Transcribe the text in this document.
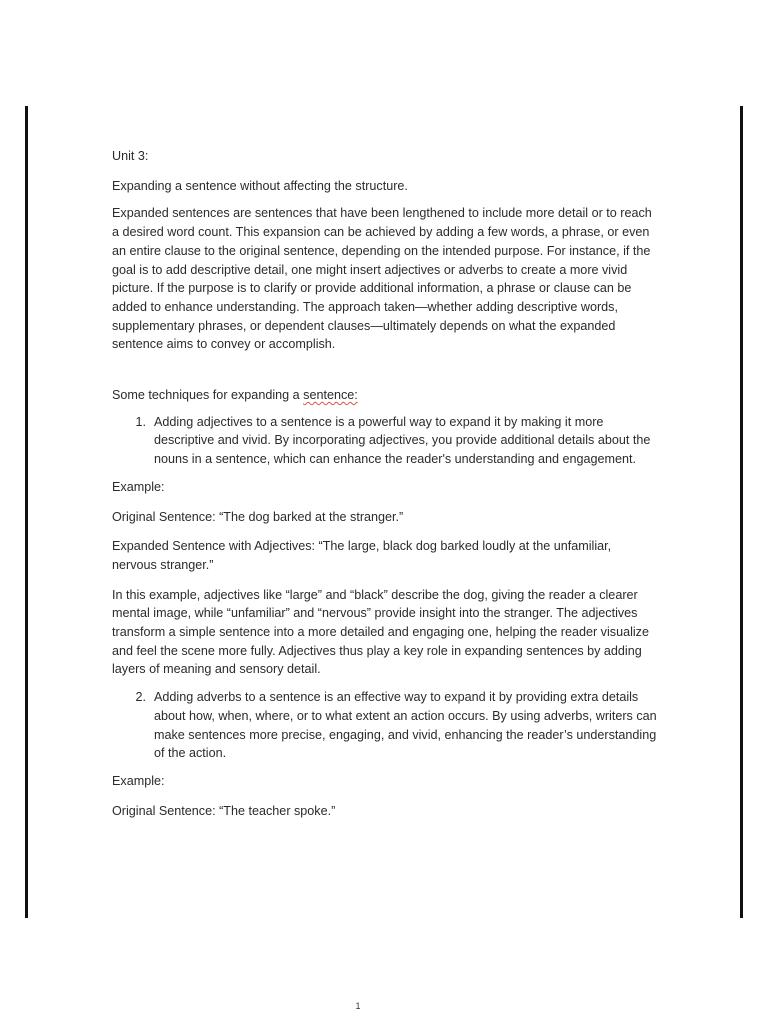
Unit 3:

Expanding a sentence without affecting the structure.

Expanded sentences are sentences that have been lengthened to include more detail or to reach a desired word count. This expansion can be achieved by adding a few words, a phrase, or even an entire clause to the original sentence, depending on the intended purpose. For instance, if the goal is to add descriptive detail, one might insert adjectives or adverbs to create a more vivid picture. If the purpose is to clarify or provide additional information, a phrase or clause can be added to enhance understanding. The approach taken—whether adding descriptive words, supplementary phrases, or dependent clauses—ultimately depends on what the expanded sentence aims to convey or accomplish.

Some techniques for expanding a sentence:

1. Adding adjectives to a sentence is a powerful way to expand it by making it more descriptive and vivid. By incorporating adjectives, you provide additional details about the nouns in a sentence, which can enhance the reader's understanding and engagement.

Example:

Original Sentence: “The dog barked at the stranger.”

Expanded Sentence with Adjectives: “The large, black dog barked loudly at the unfamiliar, nervous stranger.”

In this example, adjectives like “large” and “black” describe the dog, giving the reader a clearer mental image, while “unfamiliar” and “nervous” provide insight into the stranger. The adjectives transform a simple sentence into a more detailed and engaging one, helping the reader visualize and feel the scene more fully. Adjectives thus play a key role in expanding sentences by adding layers of meaning and sensory detail.

2. Adding adverbs to a sentence is an effective way to expand it by providing extra details about how, when, where, or to what extent an action occurs. By using adverbs, writers can make sentences more precise, engaging, and vivid, enhancing the reader’s understanding of the action.

Example:

Original Sentence: “The teacher spoke.”

1
